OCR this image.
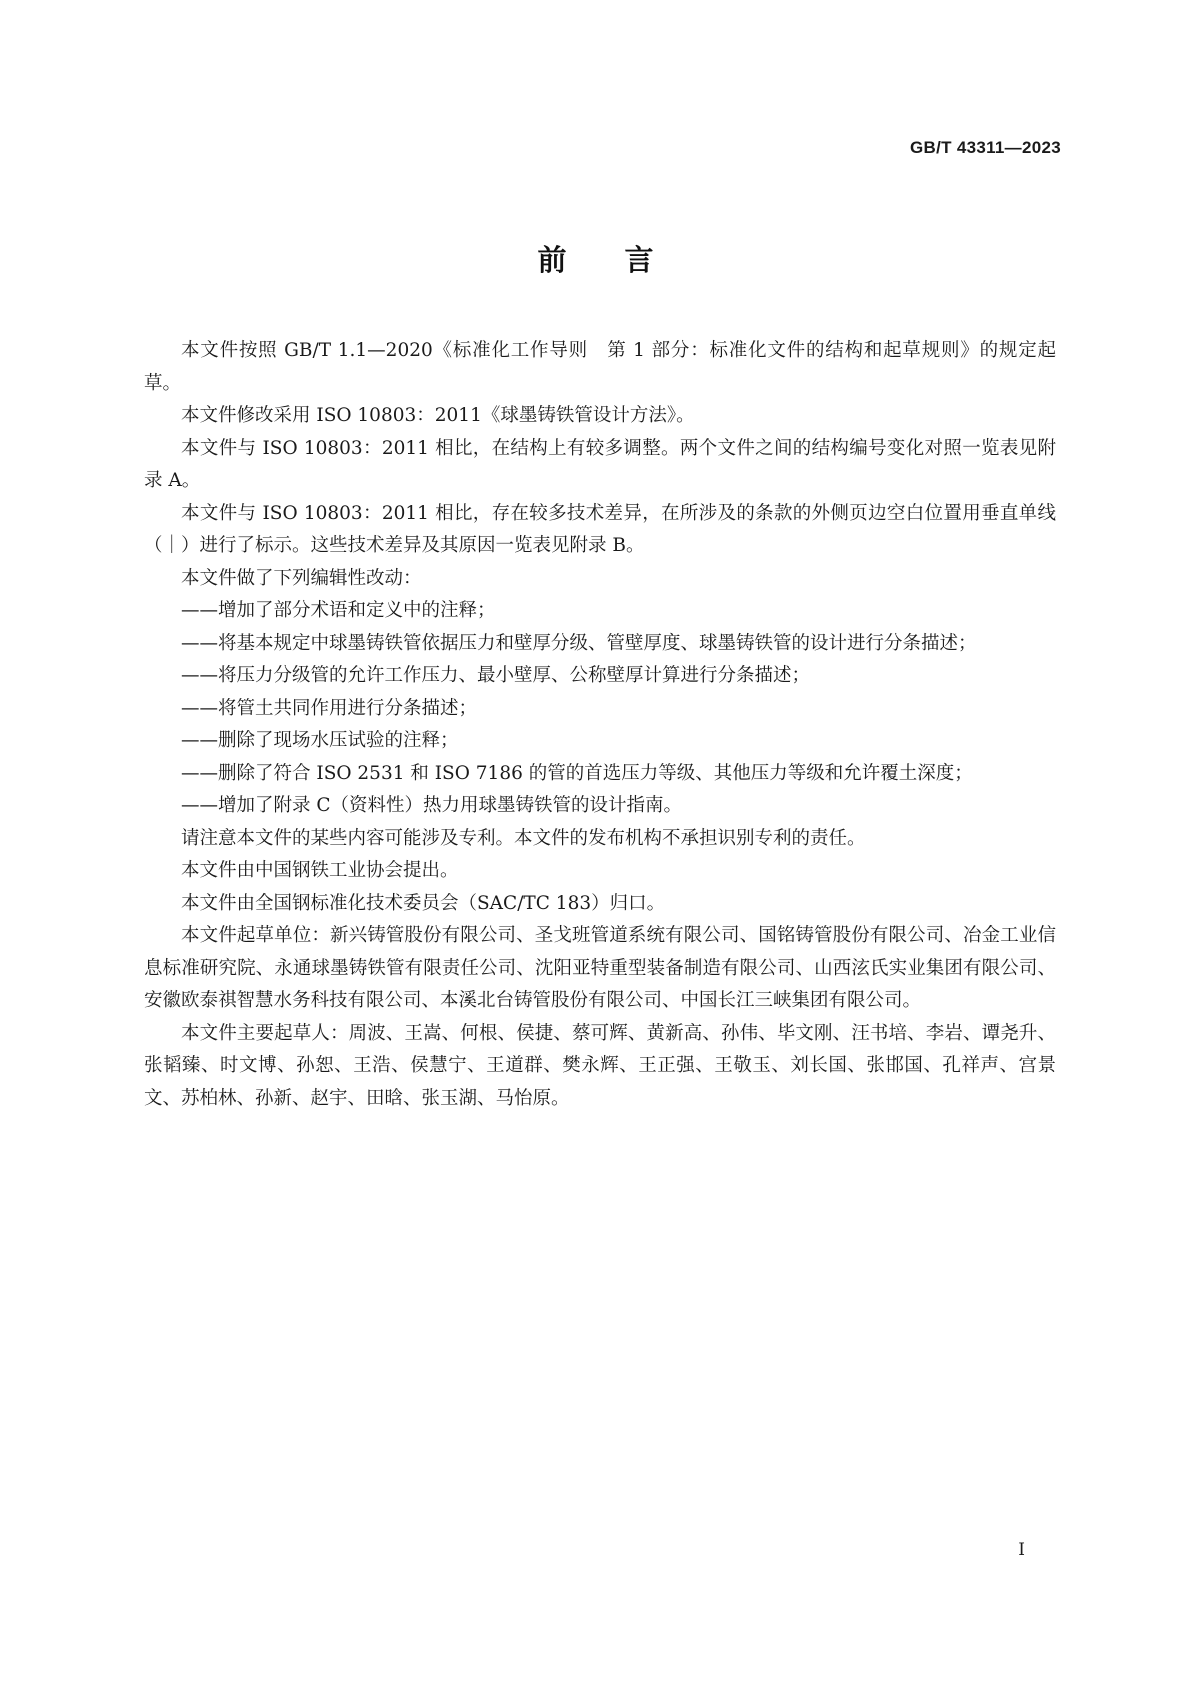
GB/T 43311—2023
前言

本文件按照 GB/T 1.1—2020《标准化工作导则　第 1 部分：标准化文件的结构和起草规则》的规定起草。

本文件修改采用 ISO 10803：2011《球墨铸铁管设计方法》。

本文件与 ISO 10803：2011 相比，在结构上有较多调整。两个文件之间的结构编号变化对照一览表见附录 A。

本文件与 ISO 10803：2011 相比，存在较多技术差异，在所涉及的条款的外侧页边空白位置用垂直单线（｜）进行了标示。这些技术差异及其原因一览表见附录 B。

本文件做了下列编辑性改动：

——增加了部分术语和定义中的注释；

——将基本规定中球墨铸铁管依据压力和壁厚分级、管壁厚度、球墨铸铁管的设计进行分条描述；

——将压力分级管的允许工作压力、最小壁厚、公称壁厚计算进行分条描述；

——将管土共同作用进行分条描述；

——删除了现场水压试验的注释；

——删除了符合 ISO 2531 和 ISO 7186 的管的首选压力等级、其他压力等级和允许覆土深度；

——增加了附录 C（资料性）热力用球墨铸铁管的设计指南。

请注意本文件的某些内容可能涉及专利。本文件的发布机构不承担识别专利的责任。

本文件由中国钢铁工业协会提出。

本文件由全国钢标准化技术委员会（SAC/TC 183）归口。

本文件起草单位：新兴铸管股份有限公司、圣戈班管道系统有限公司、国铭铸管股份有限公司、冶金工业信息标准研究院、永通球墨铸铁管有限责任公司、沈阳亚特重型装备制造有限公司、山西泫氏实业集团有限公司、安徽欧泰祺智慧水务科技有限公司、本溪北台铸管股份有限公司、中国长江三峡集团有限公司。

本文件主要起草人：周波、王嵩、何根、侯捷、蔡可辉、黄新高、孙伟、毕文刚、汪书培、李岩、谭尧升、张韬臻、时文博、孙恕、王浩、侯慧宁、王道群、樊永辉、王正强、王敬玉、刘长国、张邯国、孔祥声、宫景文、苏柏林、孙新、赵宇、田晗、张玉湖、马怡原。

I
